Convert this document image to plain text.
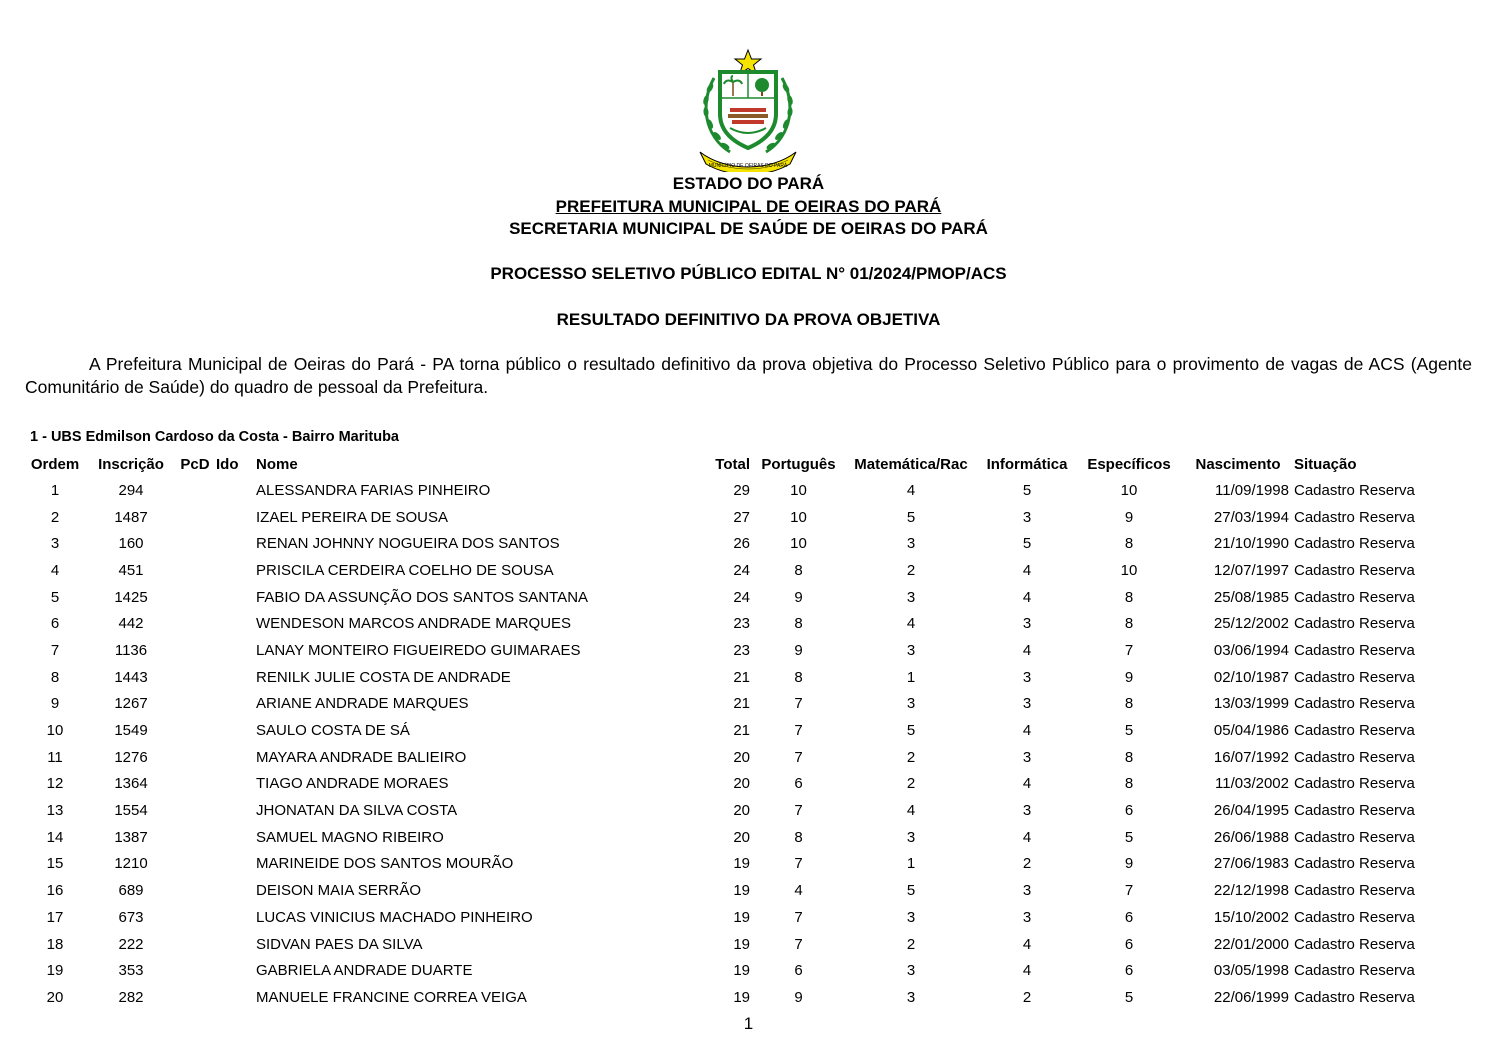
MUNICÍPIO DE OEIRAS DO PARÁ
ESTADO DO PARÁ
PREFEITURA MUNICIPAL DE OEIRAS DO PARÁ
SECRETARIA MUNICIPAL DE SAÚDE DE OEIRAS DO PARÁ
PROCESSO SELETIVO PÚBLICO EDITAL N° 01/2024/PMOP/ACS
RESULTADO DEFINITIVO DA PROVA OBJETIVA
A Prefeitura Municipal de Oeiras do Pará - PA torna público o resultado definitivo da prova objetiva do Processo Seletivo Público para o provimento de vagas de ACS (Agente Comunitário de Saúde) do quadro de pessoal da Prefeitura.
1 - UBS Edmilson Cardoso da Costa - Bairro Marituba
Ordem	Inscrição	PcD	Ido	Nome	Total	Português	Matemática/Rac	Informática	Específicos	Nascimento	Situação
1	294			ALESSANDRA FARIAS PINHEIRO	29	10	4	5	10	11/09/1998	Cadastro Reserva
2	1487			IZAEL PEREIRA DE SOUSA	27	10	5	3	9	27/03/1994	Cadastro Reserva
3	160			RENAN JOHNNY NOGUEIRA DOS SANTOS	26	10	3	5	8	21/10/1990	Cadastro Reserva
4	451			PRISCILA CERDEIRA COELHO DE SOUSA	24	8	2	4	10	12/07/1997	Cadastro Reserva
5	1425			FABIO DA ASSUNÇÃO DOS SANTOS SANTANA	24	9	3	4	8	25/08/1985	Cadastro Reserva
6	442			WENDESON MARCOS ANDRADE MARQUES	23	8	4	3	8	25/12/2002	Cadastro Reserva
7	1136			LANAY MONTEIRO FIGUEIREDO GUIMARAES	23	9	3	4	7	03/06/1994	Cadastro Reserva
8	1443			RENILK JULIE COSTA DE ANDRADE	21	8	1	3	9	02/10/1987	Cadastro Reserva
9	1267			ARIANE ANDRADE MARQUES	21	7	3	3	8	13/03/1999	Cadastro Reserva
10	1549			SAULO COSTA DE SÁ	21	7	5	4	5	05/04/1986	Cadastro Reserva
11	1276			MAYARA ANDRADE BALIEIRO	20	7	2	3	8	16/07/1992	Cadastro Reserva
12	1364			TIAGO ANDRADE MORAES	20	6	2	4	8	11/03/2002	Cadastro Reserva
13	1554			JHONATAN DA SILVA COSTA	20	7	4	3	6	26/04/1995	Cadastro Reserva
14	1387			SAMUEL MAGNO RIBEIRO	20	8	3	4	5	26/06/1988	Cadastro Reserva
15	1210			MARINEIDE DOS SANTOS MOURÃO	19	7	1	2	9	27/06/1983	Cadastro Reserva
16	689			DEISON MAIA SERRÃO	19	4	5	3	7	22/12/1998	Cadastro Reserva
17	673			LUCAS VINICIUS MACHADO PINHEIRO	19	7	3	3	6	15/10/2002	Cadastro Reserva
18	222			SIDVAN PAES DA SILVA	19	7	2	4	6	22/01/2000	Cadastro Reserva
19	353			GABRIELA ANDRADE DUARTE	19	6	3	4	6	03/05/1998	Cadastro Reserva
20	282			MANUELE FRANCINE CORREA VEIGA	19	9	3	2	5	22/06/1999	Cadastro Reserva
1
